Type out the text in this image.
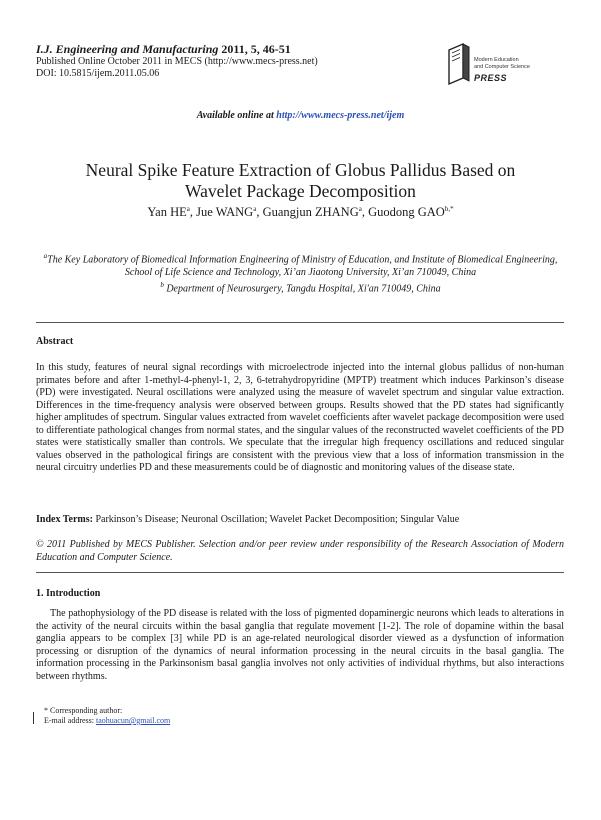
I.J. Engineering and Manufacturing 2011, 5, 46-51
Published Online October 2011 in MECS (http://www.mecs-press.net)
DOI: 10.5815/ijem.2011.05.06
Modern Education
and Computer Science
PRESS
Available online at http://www.mecs-press.net/ijem
Neural Spike Feature Extraction of Globus Pallidus Based on
Wavelet Package Decomposition
Yan $HE^a$, Jue WANG$^a$, Guangjun ZHANG$^a$, Guodong $GAO^{b,*}$
$^a$The Key Laboratory of Biomedical Information Engineering of Ministry of Education, and Institute of Biomedical Engineering, School of Life Science and Technology, Xi’an Jiaotong University, Xi’an 710049, China
$^b$ Department of Neurosurgery, Tangdu Hospital, Xi'an 710049, China
Abstract
In this study, features of neural signal recordings with microelectrode injected into the internal globus pallidus of non-human primates before and after 1-methyl-4-phenyl-1, 2, 3, 6-tetrahydropyridine (MPTP) treatment which induces Parkinson’s disease (PD) were investigated. Neural oscillations were analyzed using the measure of wavelet spectrum and singular value extraction. Differences in the time-frequency analysis were observed between groups. Results showed that the PD states had significantly higher amplitudes of spectrum. Singular values extracted from wavelet coefficients after wavelet package decomposition were used to differentiate pathological changes from normal states, and the singular values of the reconstructed wavelet coefficients of the PD states were statistically smaller than controls. We speculate that the irregular high frequency oscillations and reduced singular values observed in the pathological firings are consistent with the previous view that a loss of information transmission in the neural circuitry underlies PD and these measurements could be of diagnostic and monitoring values of the disease state.
Index Terms: Parkinson’s Disease; Neuronal Oscillation; Wavelet Packet Decomposition; Singular Value
© 2011 Published by MECS Publisher. Selection and/or peer review under responsibility of the Research Association of Modern Education and Computer Science.
1. Introduction
The pathophysiology of the PD disease is related with the loss of pigmented dopaminergic neurons which leads to alterations in the activity of the neural circuits within the basal ganglia that regulate movement [1-2]. The role of dopamine within the basal ganglia appears to be complex [3] while PD is an age-related neurological disorder viewed as a dysfunction of information processing or disruption of the dynamics of neural information processing in the neural circuits in the basal ganglia. The information processing in the Parkinsonism basal ganglia involves not only activities of individual rhythms, but also interactions between rhythms.
* Corresponding author:
E-mail address: taohuacun@gmail.com
